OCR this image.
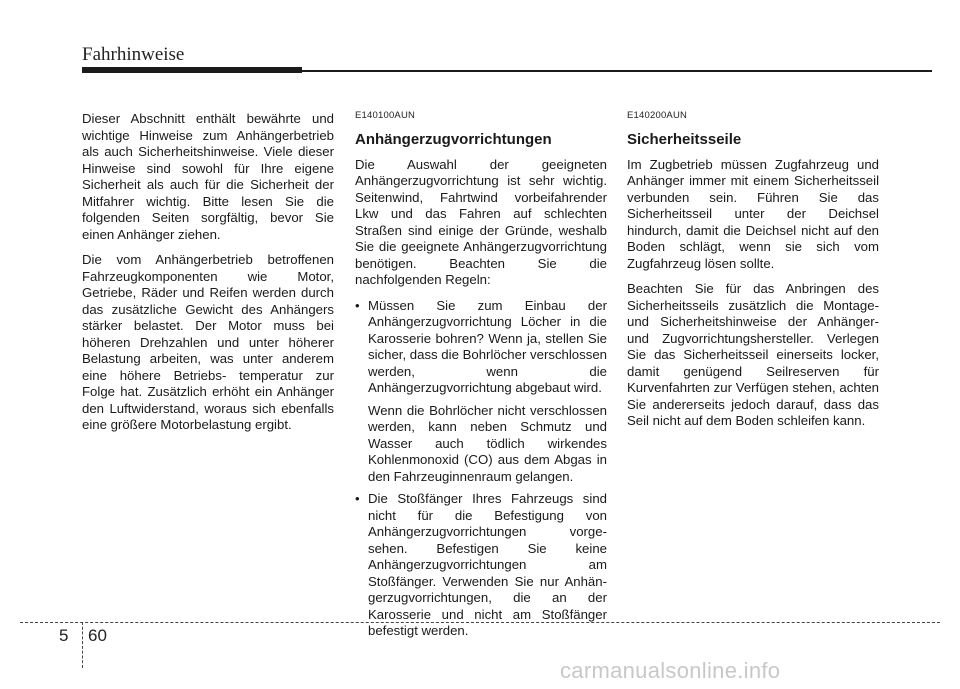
Fahrhinweise

Dieser Abschnitt enthält bewährte und wichtige Hinweise zum Anhängerbetrieb als auch Sicherheitshinweise. Viele dieser Hinweise sind sowohl für Ihre eigene Sicherheit als auch für die Sicherheit der Mitfahrer wichtig. Bitte lesen Sie die folgenden Seiten sorgfältig, bevor Sie einen Anhänger ziehen.

Die vom Anhängerbetrieb betroffenen Fahrzeugkomponenten wie Motor, Getriebe, Räder und Reifen werden durch das zusätzliche Gewicht des Anhängers stärker belastet. Der Motor muss bei höheren Drehzahlen und unter höherer Belastung arbeiten, was unter anderem eine höhere Betriebs- temperatur zur Folge hat. Zusätzlich erhöht ein Anhänger den Luftwiderstand, woraus sich ebenfalls eine größere Motorbelastung ergibt.

E140100AUN
Anhängerzugvorrichtungen

Die Auswahl der geeigneten Anhängerzugvorrichtung ist sehr wichtig. Seitenwind, Fahrtwind vorbeifahrender Lkw und das Fahren auf schlechten Straßen sind einige der Gründe, weshalb Sie die geeignete Anhängerzugvorrichtung benötigen. Beachten Sie die nachfolgenden Regeln:

• Müssen Sie zum Einbau der Anhängerzugvorrichtung Löcher in die Karosserie bohren? Wenn ja, stellen Sie sicher, dass die Bohrlöcher verschlossen werden, wenn die Anhängerzugvorrichtung abgebaut wird.

Wenn die Bohrlöcher nicht verschlossen werden, kann neben Schmutz und Wasser auch tödlich wirkendes Kohlenmonoxid (CO) aus dem Abgas in den Fahrzeuginnenraum gelangen.

• Die Stoßfänger Ihres Fahrzeugs sind nicht für die Befestigung von Anhängerzugvorrichtungen vorge- sehen. Befestigen Sie keine Anhängerzugvorrichtungen am Stoßfänger. Verwenden Sie nur Anhän- gerzugvorrichtungen, die an der Karosserie und nicht am Stoßfänger befestigt werden.

E140200AUN
Sicherheitsseile

Im Zugbetrieb müssen Zugfahrzeug und Anhänger immer mit einem Sicherheitsseil verbunden sein. Führen Sie das Sicherheitsseil unter der Deichsel hindurch, damit die Deichsel nicht auf den Boden schlägt, wenn sie sich vom Zugfahrzeug lösen sollte.

Beachten Sie für das Anbringen des Sicherheitsseils zusätzlich die Montage- und Sicherheitshinweise der Anhänger- und Zugvorrichtungshersteller. Verlegen Sie das Sicherheitsseil einerseits locker, damit genügend Seilreserven für Kurvenfahrten zur Verfügen stehen, achten Sie andererseits jedoch darauf, dass das Seil nicht auf dem Boden schleifen kann.

5 60
carmanualsonline.info
